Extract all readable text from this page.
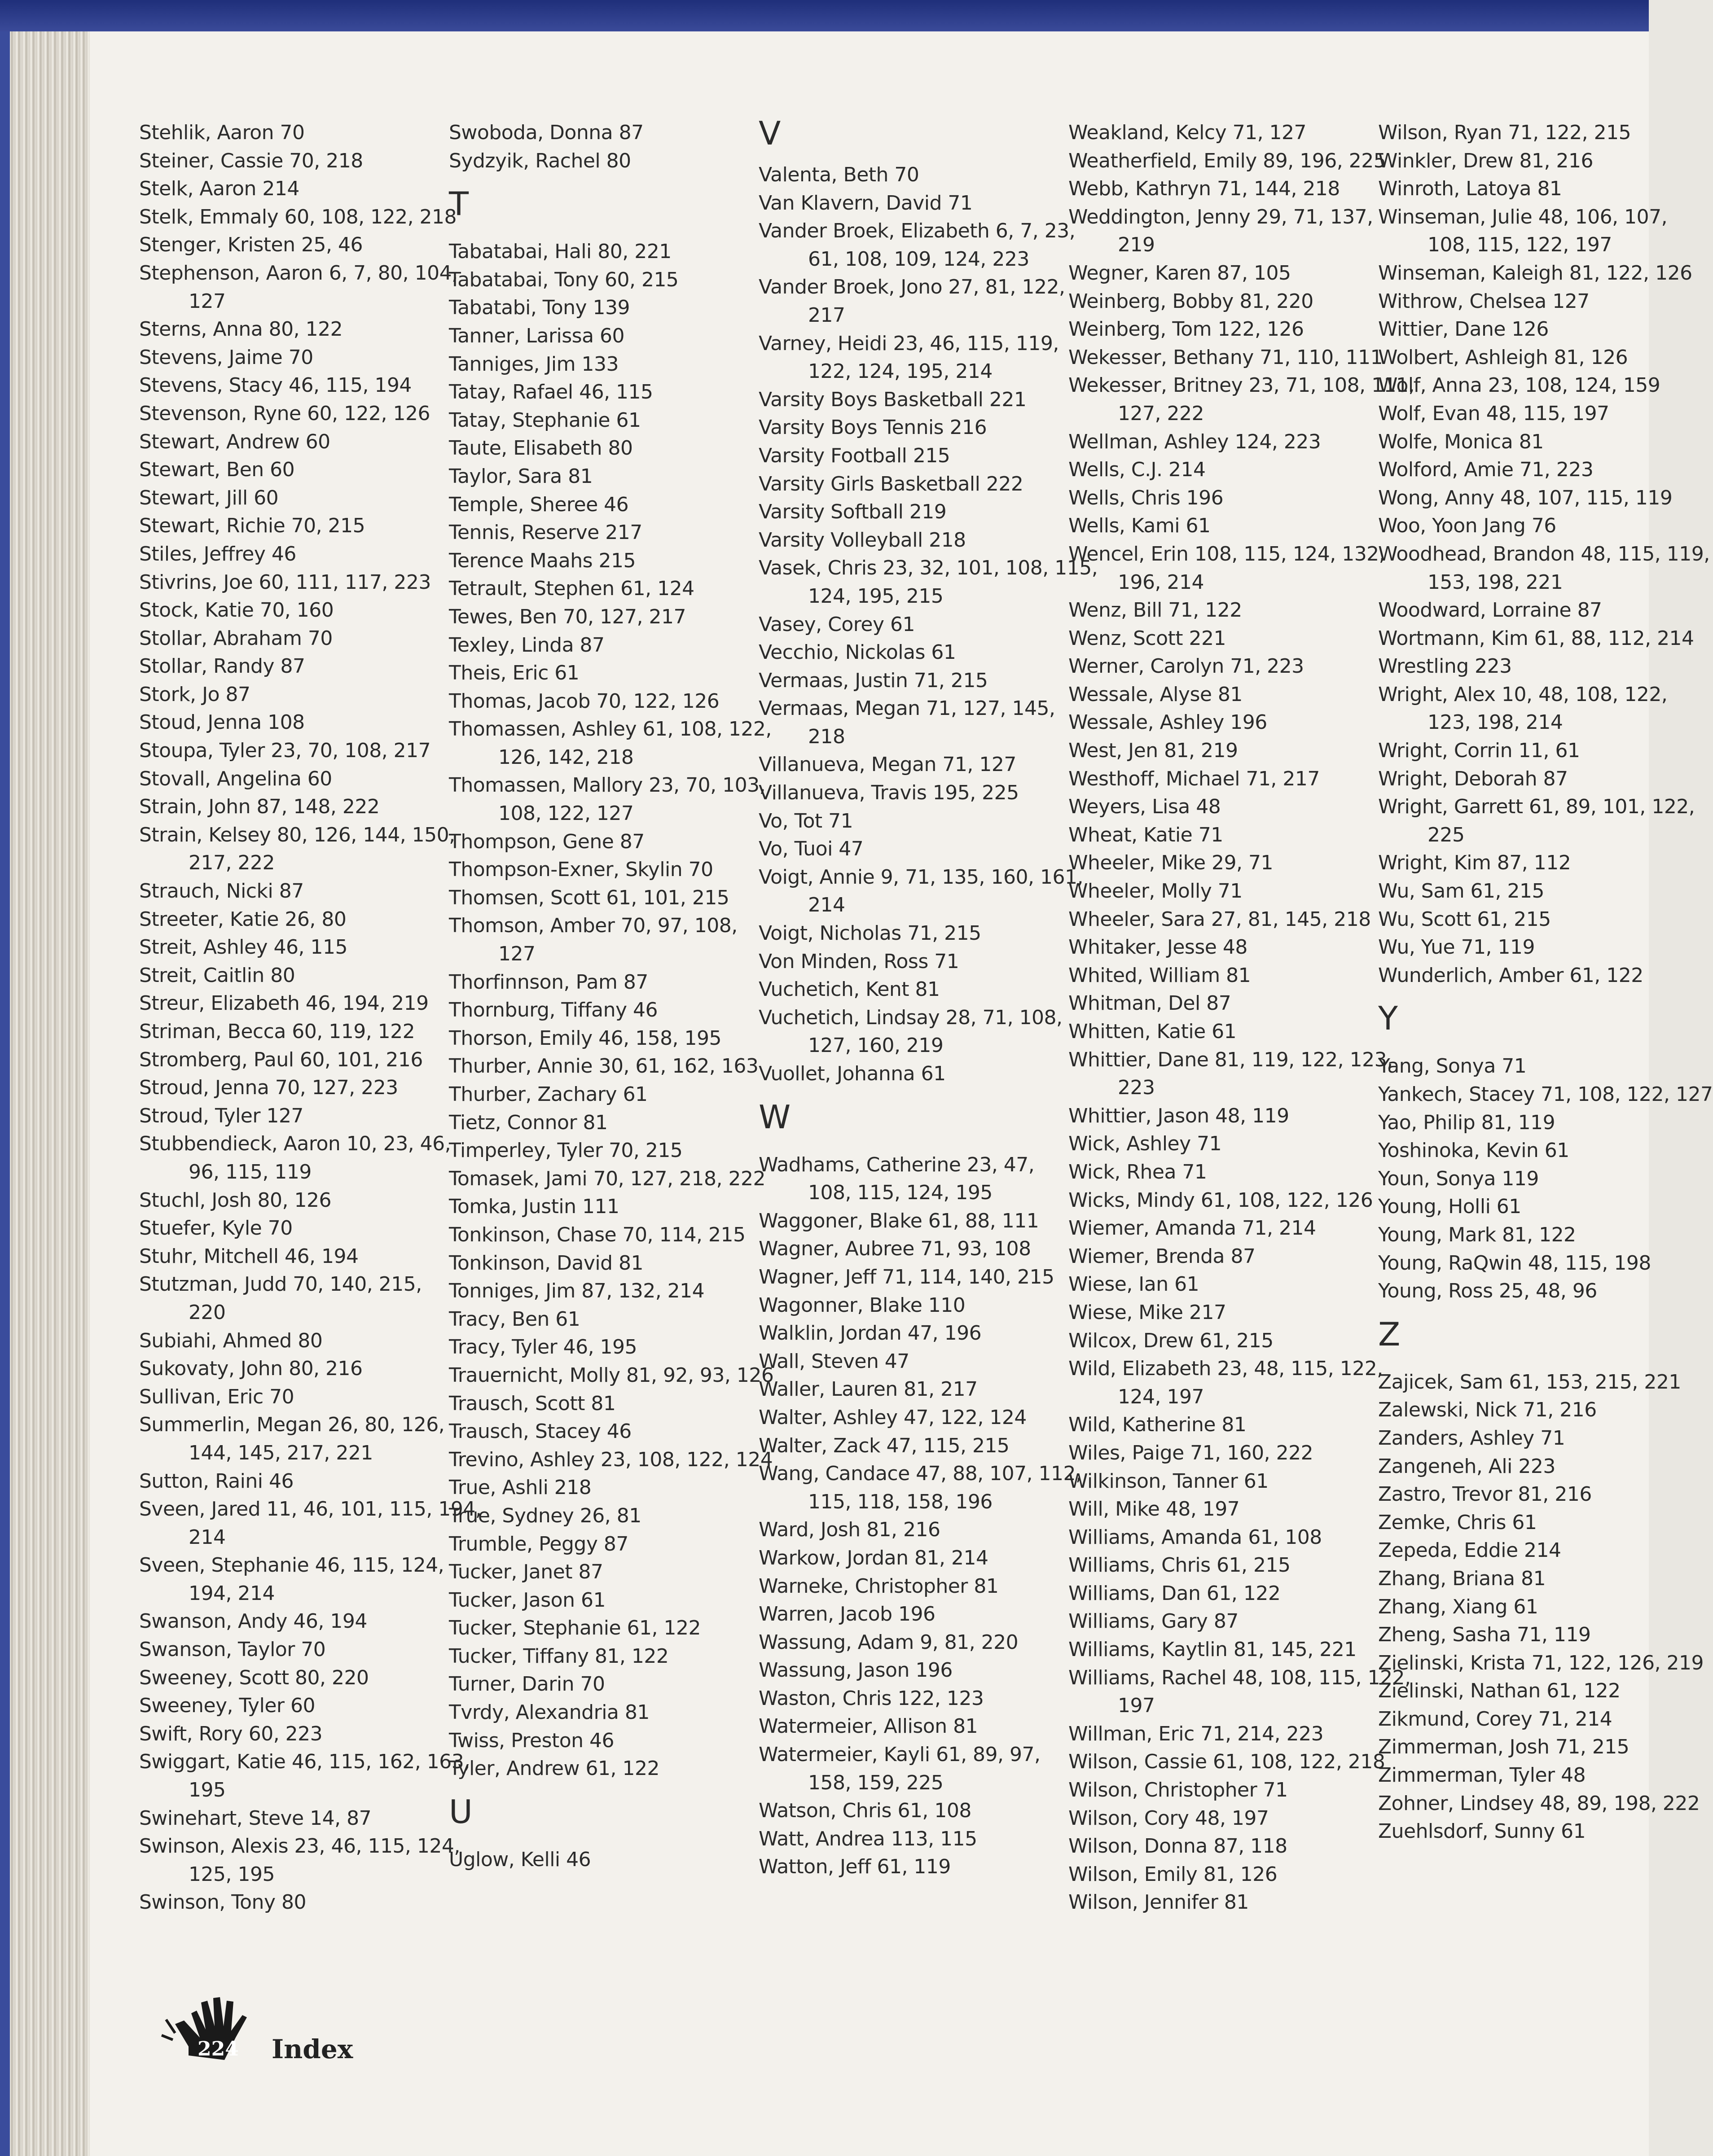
Stehlik, Aaron 70
Steiner, Cassie 70, 218
Stelk, Aaron 214
Stelk, Emmaly 60, 108, 122, 218
Stenger, Kristen 25, 46
Stephenson, Aaron 6, 7, 80, 104,
127
Sterns, Anna 80, 122
Stevens, Jaime 70
Stevens, Stacy 46, 115, 194
Stevenson, Ryne 60, 122, 126
Stewart, Andrew 60
Stewart, Ben 60
Stewart, Jill 60
Stewart, Richie 70, 215
Stiles, Jeffrey 46
Stivrins, Joe 60, 111, 117, 223
Stock, Katie 70, 160
Stollar, Abraham 70
Stollar, Randy 87
Stork, Jo 87
Stoud, Jenna 108
Stoupa, Tyler 23, 70, 108, 217
Stovall, Angelina 60
Strain, John 87, 148, 222
Strain, Kelsey 80, 126, 144, 150,
217, 222
Strauch, Nicki 87
Streeter, Katie 26, 80
Streit, Ashley 46, 115
Streit, Caitlin 80
Streur, Elizabeth 46, 194, 219
Striman, Becca 60, 119, 122
Stromberg, Paul 60, 101, 216
Stroud, Jenna 70, 127, 223
Stroud, Tyler 127
Stubbendieck, Aaron 10, 23, 46,
96, 115, 119
Stuchl, Josh 80, 126
Stuefer, Kyle 70
Stuhr, Mitchell 46, 194
Stutzman, Judd 70, 140, 215,
220
Subiahi, Ahmed 80
Sukovaty, John 80, 216
Sullivan, Eric 70
Summerlin, Megan 26, 80, 126,
144, 145, 217, 221
Sutton, Raini 46
Sveen, Jared 11, 46, 101, 115, 194,
214
Sveen, Stephanie 46, 115, 124,
194, 214
Swanson, Andy 46, 194
Swanson, Taylor 70
Sweeney, Scott 80, 220
Sweeney, Tyler 60
Swift, Rory 60, 223
Swiggart, Katie 46, 115, 162, 163,
195
Swinehart, Steve 14, 87
Swinson, Alexis 23, 46, 115, 124,
125, 195
Swinson, Tony 80
Swoboda, Donna 87
Sydzyik, Rachel 80
T
Tabatabai, Hali 80, 221
Tabatabai, Tony 60, 215
Tabatabi, Tony 139
Tanner, Larissa 60
Tanniges, Jim 133
Tatay, Rafael 46, 115
Tatay, Stephanie 61
Taute, Elisabeth 80
Taylor, Sara 81
Temple, Sheree 46
Tennis, Reserve 217
Terence Maahs 215
Tetrault, Stephen 61, 124
Tewes, Ben 70, 127, 217
Texley, Linda 87
Theis, Eric 61
Thomas, Jacob 70, 122, 126
Thomassen, Ashley 61, 108, 122,
126, 142, 218
Thomassen, Mallory 23, 70, 103,
108, 122, 127
Thompson, Gene 87
Thompson-Exner, Skylin 70
Thomsen, Scott 61, 101, 215
Thomson, Amber 70, 97, 108,
127
Thorfinnson, Pam 87
Thornburg, Tiffany 46
Thorson, Emily 46, 158, 195
Thurber, Annie 30, 61, 162, 163
Thurber, Zachary 61
Tietz, Connor 81
Timperley, Tyler 70, 215
Tomasek, Jami 70, 127, 218, 222
Tomka, Justin 111
Tonkinson, Chase 70, 114, 215
Tonkinson, David 81
Tonniges, Jim 87, 132, 214
Tracy, Ben 61
Tracy, Tyler 46, 195
Trauernicht, Molly 81, 92, 93, 126
Trausch, Scott 81
Trausch, Stacey 46
Trevino, Ashley 23, 108, 122, 124
True, Ashli 218
True, Sydney 26, 81
Trumble, Peggy 87
Tucker, Janet 87
Tucker, Jason 61
Tucker, Stephanie 61, 122
Tucker, Tiffany 81, 122
Turner, Darin 70
Tvrdy, Alexandria 81
Twiss, Preston 46
Tyler, Andrew 61, 122
U
Uglow, Kelli 46
V
Valenta, Beth 70
Van Klavern, David 71
Vander Broek, Elizabeth 6, 7, 23,
61, 108, 109, 124, 223
Vander Broek, Jono 27, 81, 122,
217
Varney, Heidi 23, 46, 115, 119,
122, 124, 195, 214
Varsity Boys Basketball 221
Varsity Boys Tennis 216
Varsity Football 215
Varsity Girls Basketball 222
Varsity Softball 219
Varsity Volleyball 218
Vasek, Chris 23, 32, 101, 108, 115,
124, 195, 215
Vasey, Corey 61
Vecchio, Nickolas 61
Vermaas, Justin 71, 215
Vermaas, Megan 71, 127, 145,
218
Villanueva, Megan 71, 127
Villanueva, Travis 195, 225
Vo, Tot 71
Vo, Tuoi 47
Voigt, Annie 9, 71, 135, 160, 161,
214
Voigt, Nicholas 71, 215
Von Minden, Ross 71
Vuchetich, Kent 81
Vuchetich, Lindsay 28, 71, 108,
127, 160, 219
Vuollet, Johanna 61
W
Wadhams, Catherine 23, 47,
108, 115, 124, 195
Waggoner, Blake 61, 88, 111
Wagner, Aubree 71, 93, 108
Wagner, Jeff 71, 114, 140, 215
Wagonner, Blake 110
Walklin, Jordan 47, 196
Wall, Steven 47
Waller, Lauren 81, 217
Walter, Ashley 47, 122, 124
Walter, Zack 47, 115, 215
Wang, Candace 47, 88, 107, 112,
115, 118, 158, 196
Ward, Josh 81, 216
Warkow, Jordan 81, 214
Warneke, Christopher 81
Warren, Jacob 196
Wassung, Adam 9, 81, 220
Wassung, Jason 196
Waston, Chris 122, 123
Watermeier, Allison 81
Watermeier, Kayli 61, 89, 97,
158, 159, 225
Watson, Chris 61, 108
Watt, Andrea 113, 115
Watton, Jeff 61, 119
Weakland, Kelcy 71, 127
Weatherfield, Emily 89, 196, 225
Webb, Kathryn 71, 144, 218
Weddington, Jenny 29, 71, 137,
219
Wegner, Karen 87, 105
Weinberg, Bobby 81, 220
Weinberg, Tom 122, 126
Wekesser, Bethany 71, 110, 111
Wekesser, Britney 23, 71, 108, 111,
127, 222
Wellman, Ashley 124, 223
Wells, C.J. 214
Wells, Chris 196
Wells, Kami 61
Wencel, Erin 108, 115, 124, 132,
196, 214
Wenz, Bill 71, 122
Wenz, Scott 221
Werner, Carolyn 71, 223
Wessale, Alyse 81
Wessale, Ashley 196
West, Jen 81, 219
Westhoff, Michael 71, 217
Weyers, Lisa 48
Wheat, Katie 71
Wheeler, Mike 29, 71
Wheeler, Molly 71
Wheeler, Sara 27, 81, 145, 218
Whitaker, Jesse 48
Whited, William 81
Whitman, Del 87
Whitten, Katie 61
Whittier, Dane 81, 119, 122, 123,
223
Whittier, Jason 48, 119
Wick, Ashley 71
Wick, Rhea 71
Wicks, Mindy 61, 108, 122, 126
Wiemer, Amanda 71, 214
Wiemer, Brenda 87
Wiese, Ian 61
Wiese, Mike 217
Wilcox, Drew 61, 215
Wild, Elizabeth 23, 48, 115, 122,
124, 197
Wild, Katherine 81
Wiles, Paige 71, 160, 222
Wilkinson, Tanner 61
Will, Mike 48, 197
Williams, Amanda 61, 108
Williams, Chris 61, 215
Williams, Dan 61, 122
Williams, Gary 87
Williams, Kaytlin 81, 145, 221
Williams, Rachel 48, 108, 115, 122,
197
Willman, Eric 71, 214, 223
Wilson, Cassie 61, 108, 122, 218
Wilson, Christopher 71
Wilson, Cory 48, 197
Wilson, Donna 87, 118
Wilson, Emily 81, 126
Wilson, Jennifer 81
Wilson, Ryan 71, 122, 215
Winkler, Drew 81, 216
Winroth, Latoya 81
Winseman, Julie 48, 106, 107,
108, 115, 122, 197
Winseman, Kaleigh 81, 122, 126
Withrow, Chelsea 127
Wittier, Dane 126
Wolbert, Ashleigh 81, 126
Wolf, Anna 23, 108, 124, 159
Wolf, Evan 48, 115, 197
Wolfe, Monica 81
Wolford, Amie 71, 223
Wong, Anny 48, 107, 115, 119
Woo, Yoon Jang 76
Woodhead, Brandon 48, 115, 119,
153, 198, 221
Woodward, Lorraine 87
Wortmann, Kim 61, 88, 112, 214
Wrestling 223
Wright, Alex 10, 48, 108, 122,
123, 198, 214
Wright, Corrin 11, 61
Wright, Deborah 87
Wright, Garrett 61, 89, 101, 122,
225
Wright, Kim 87, 112
Wu, Sam 61, 215
Wu, Scott 61, 215
Wu, Yue 71, 119
Wunderlich, Amber 61, 122
Y
Yang, Sonya 71
Yankech, Stacey 71, 108, 122, 127
Yao, Philip 81, 119
Yoshinoka, Kevin 61
Youn, Sonya 119
Young, Holli 61
Young, Mark 81, 122
Young, RaQwin 48, 115, 198
Young, Ross 25, 48, 96
Z
Zajicek, Sam 61, 153, 215, 221
Zalewski, Nick 71, 216
Zanders, Ashley 71
Zangeneh, Ali 223
Zastro, Trevor 81, 216
Zemke, Chris 61
Zepeda, Eddie 214
Zhang, Briana 81
Zhang, Xiang 61
Zheng, Sasha 71, 119
Zielinski, Krista 71, 122, 126, 219
Zielinski, Nathan 61, 122
Zikmund, Corey 71, 214
Zimmerman, Josh 71, 215
Zimmerman, Tyler 48
Zohner, Lindsey 48, 89, 198, 222
Zuehlsdorf, Sunny 61
224	Index
